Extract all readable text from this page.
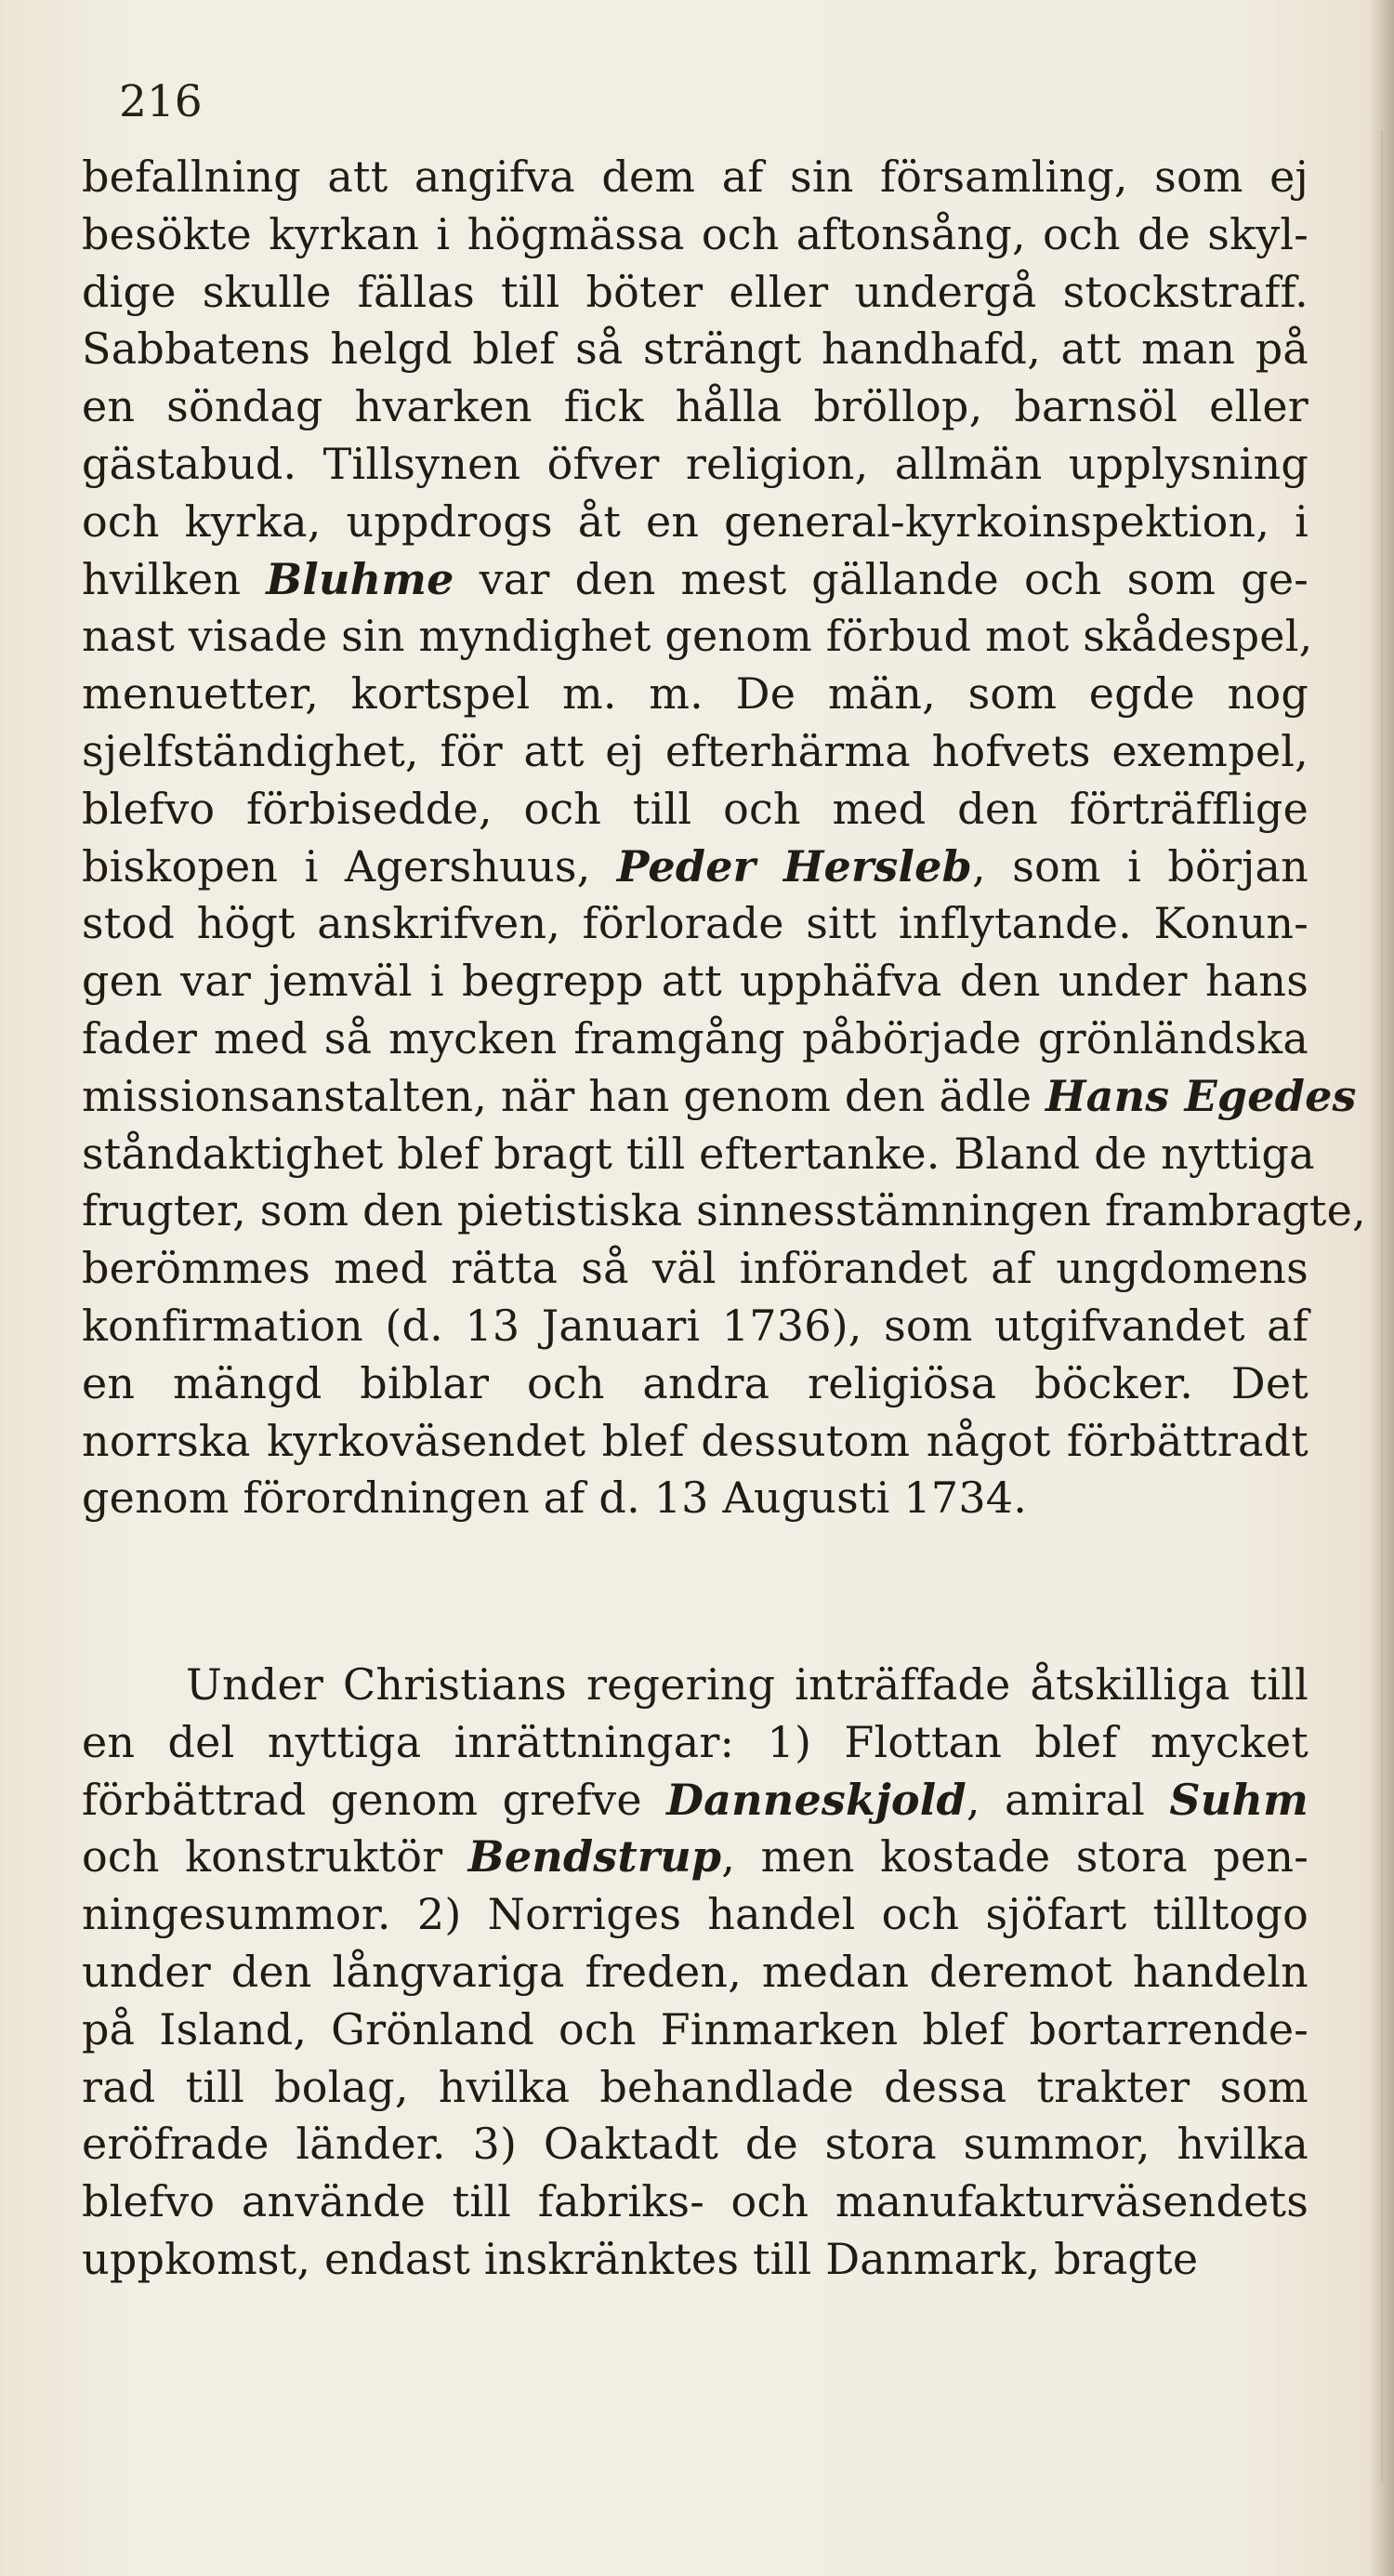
216
befallning att angifva dem af sin församling, som ej
besökte kyrkan i högmässa och aftonsång, och de skyl-
dige skulle fällas till böter eller undergå stockstraff.
Sabbatens helgd blef så strängt handhafd, att man på
en söndag hvarken fick hålla bröllop, barnsöl eller
gästabud. Tillsynen öfver religion, allmän upplysning
och kyrka, uppdrogs åt en general-kyrkoinspektion, i
hvilken Bluhme var den mest gällande och som ge-
nast visade sin myndighet genom förbud mot skådespel,
menuetter, kortspel m. m. De män, som egde nog
sjelfständighet, för att ej efterhärma hofvets exempel,
blefvo förbisedde, och till och med den förträfflige
biskopen i Agershuus, Peder Hersleb, som i början
stod högt anskrifven, förlorade sitt inflytande. Konun-
gen var jemväl i begrepp att upphäfva den under hans
fader med så mycken framgång påbörjade grönländska
missionsanstalten, när han genom den ädle Hans Egedes
ståndaktighet blef bragt till eftertanke. Bland de nyttiga
frugter, som den pietistiska sinnesstämningen frambragte,
berömmes med rätta så väl införandet af ungdomens
konfirmation (d. 13 Januari 1736), som utgifvandet af
en mängd biblar och andra religiösa böcker. Det
norrska kyrkoväsendet blef dessutom något förbättradt
genom förordningen af d. 13 Augusti 1734.
Under Christians regering inträffade åtskilliga till
en del nyttiga inrättningar: 1) Flottan blef mycket
förbättrad genom grefve Danneskjold, amiral Suhm
och konstruktör Bendstrup, men kostade stora pen-
ningesummor. 2) Norriges handel och sjöfart tilltogo
under den långvariga freden, medan deremot handeln
på Island, Grönland och Finmarken blef bortarrende-
rad till bolag, hvilka behandlade dessa trakter som
eröfrade länder. 3) Oaktadt de stora summor, hvilka
blefvo använde till fabriks- och manufakturväsendets
uppkomst, endast inskränktes till Danmark, bragte
